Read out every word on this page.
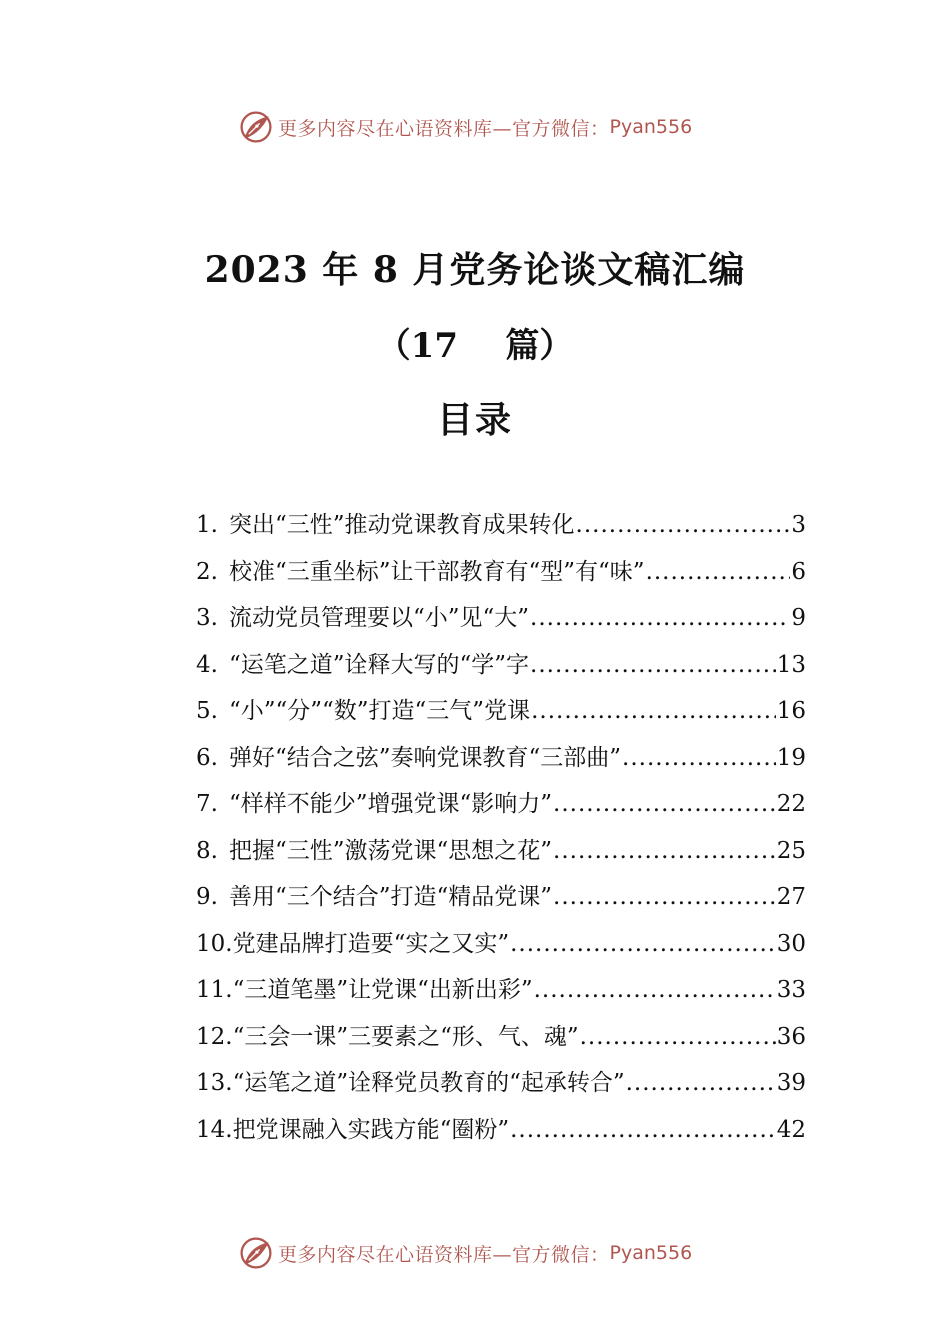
更多内容尽在心语资料库—官方微信： Pyan556
2023 年 8 月党务论谈文稿汇编
（17    篇）
目录
1. 突出“三性”推动党课教育成果转化 .....	3
2. 校准“三重坐标”让干部教育有“型”有“味” .....	6
3. 流动党员管理要以“小”见“大” .....	9
4. “运笔之道”诠释大写的“学”字 .....	13
5. “小”“分”“数”打造“三气”党课 .....	16
6. 弹好“结合之弦”奏响党课教育“三部曲” .....	19
7. “样样不能少”增强党课“影响力” .....	22
8. 把握“三性”激荡党课“思想之花” .....	25
9. 善用“三个结合”打造“精品党课” .....	27
10. 党建品牌打造要“实之又实” .....	30
11. “三道笔墨”让党课“出新出彩” .....	33
12. “三会一课”三要素之“形、气、魂” .....	36
13. “运笔之道”诠释党员教育的“起承转合” .....	39
14. 把党课融入实践方能“圈粉” .....	42
更多内容尽在心语资料库—官方微信： Pyan556
